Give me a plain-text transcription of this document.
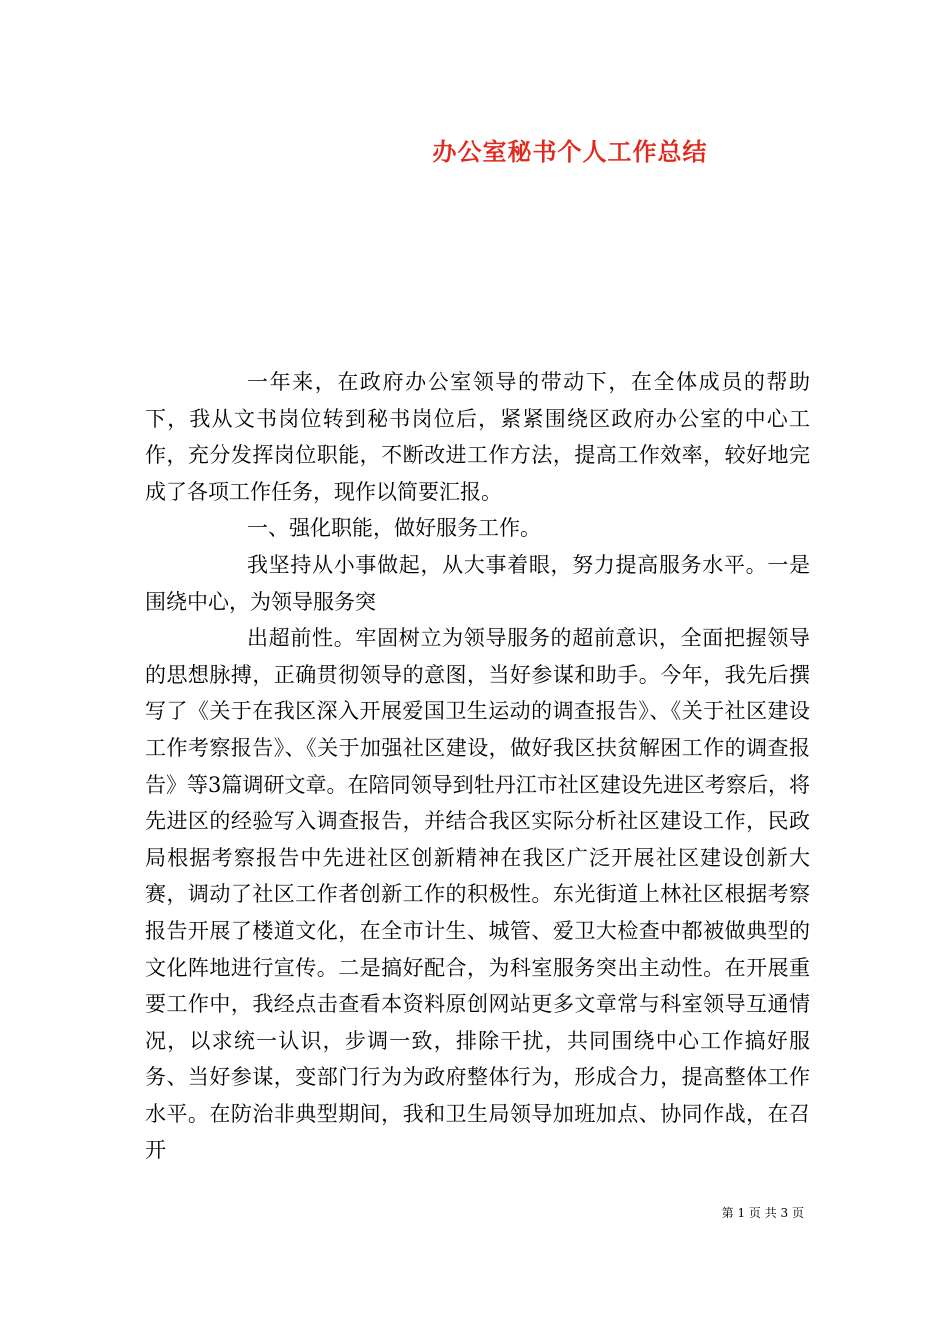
办公室秘书个人工作总结

一年来，在政府办公室领导的带动下，在全体成员的帮助下，我从文书岗位转到秘书岗位后，紧紧围绕区政府办公室的中心工作，充分发挥岗位职能，不断改进工作方法，提高工作效率，较好地完成了各项工作任务，现作以简要汇报。

一、强化职能，做好服务工作。

我坚持从小事做起，从大事着眼，努力提高服务水平。一是围绕中心，为领导服务突

出超前性。牢固树立为领导服务的超前意识，全面把握领导的思想脉搏，正确贯彻领导的意图，当好参谋和助手。今年，我先后撰写了《关于在我区深入开展爱国卫生运动的调查报告》、《关于社区建设工作考察报告》、《关于加强社区建设，做好我区扶贫解困工作的调查报告》等3篇调研文章。在陪同领导到牡丹江市社区建设先进区考察后，将先进区的经验写入调查报告，并结合我区实际分析社区建设工作，民政局根据考察报告中先进社区创新精神在我区广泛开展社区建设创新大赛，调动了社区工作者创新工作的积极性。东光街道上林社区根据考察报告开展了楼道文化，在全市计生、城管、爱卫大检查中都被做典型的文化阵地进行宣传。二是搞好配合，为科室服务突出主动性。在开展重要工作中，我经点击查看本资料原创网站更多文章常与科室领导互通情况，以求统一认识，步调一致，排除干扰，共同围绕中心工作搞好服务、当好参谋，变部门行为为政府整体行为，形成合力，提高整体工作水平。在防治非典型期间，我和卫生局领导加班加点、协同作战，在召开

第 1 页 共 3 页
